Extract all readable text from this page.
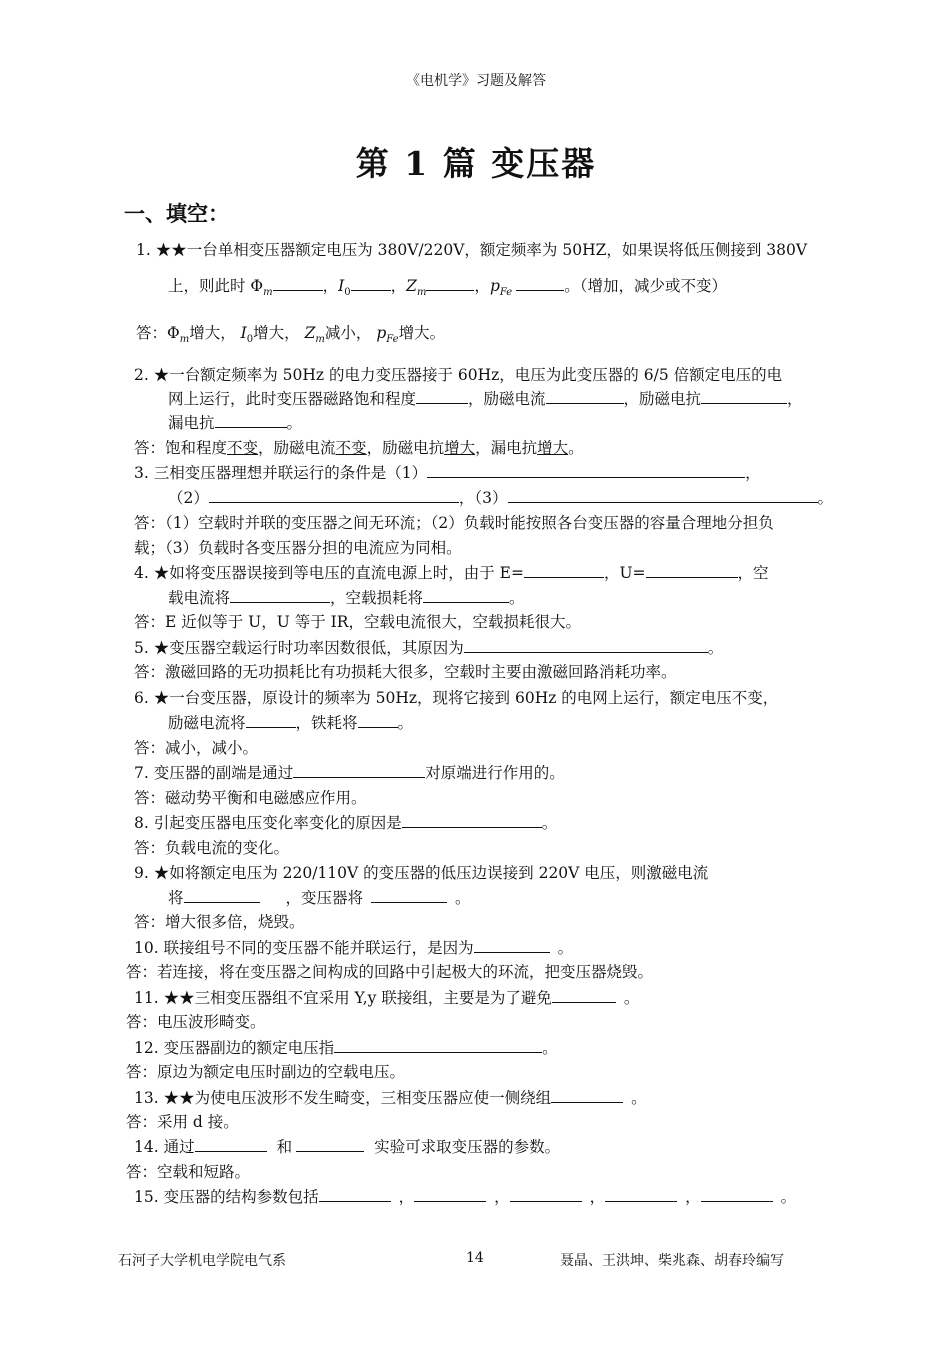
《电机学》习题及解答
第 1 篇 变压器
一、填空：
1. ★★一台单相变压器额定电压为 380V/220V，额定频率为 50HZ，如果误将低压侧接到 380V
上，则此时 $\Phi_m$	，$I_0$	，$Z_m$	，$p_{Fe}$	。（增加，减少或不变）
答：$\Phi_m$增大， $I_0$增大， $Z_m$减小， $p_{Fe}$增大。
2. ★一台额定频率为 50Hz 的电力变压器接于 60Hz，电压为此变压器的 6/5 倍额定电压的电
网上运行，此时变压器磁路饱和程度	，励磁电流	，励磁电抗	，
漏电抗	。
答：饱和程度不变，励磁电流不变，励磁电抗增大，漏电抗增大。
3. 三相变压器理想并联运行的条件是（1）	，
（2）	，（3）	。
答：（1）空载时并联的变压器之间无环流；（2）负载时能按照各台变压器的容量合理地分担负
载；（3）负载时各变压器分担的电流应为同相。
4. ★如将变压器误接到等电压的直流电源上时，由于 E=	，U=	，空
载电流将	，空载损耗将	。
答：E 近似等于 U，U 等于 IR，空载电流很大，空载损耗很大。
5. ★变压器空载运行时功率因数很低，其原因为	。
答：激磁回路的无功损耗比有功损耗大很多，空载时主要由激磁回路消耗功率。
6. ★一台变压器，原设计的频率为 50Hz，现将它接到 60Hz 的电网上运行，额定电压不变，
励磁电流将	，铁耗将	。
答：减小，减小。
7. 变压器的副端是通过	对原端进行作用的。
答：磁动势平衡和电磁感应作用。
8. 引起变压器电压变化率变化的原因是	。
答：负载电流的变化。
9. ★如将额定电压为 220/110V 的变压器的低压边误接到 220V 电压，则激磁电流
将	，变压器将	。
答：增大很多倍，烧毁。
10. 联接组号不同的变压器不能并联运行，是因为	。
答：若连接，将在变压器之间构成的回路中引起极大的环流，把变压器烧毁。
11. ★★三相变压器组不宜采用 Y,y 联接组，主要是为了避免	。
答：电压波形畸变。
12. 变压器副边的额定电压指	。
答：原边为额定电压时副边的空载电压。
13. ★★为使电压波形不发生畸变，三相变压器应使一侧绕组	。
答：采用 d 接。
14. 通过	和	实验可求取变压器的参数。
答：空载和短路。
15. 变压器的结构参数包括	，	，	，	，	。
石河子大学机电学院电气系	14	聂晶、王洪坤、柴兆森、胡春玲编写
